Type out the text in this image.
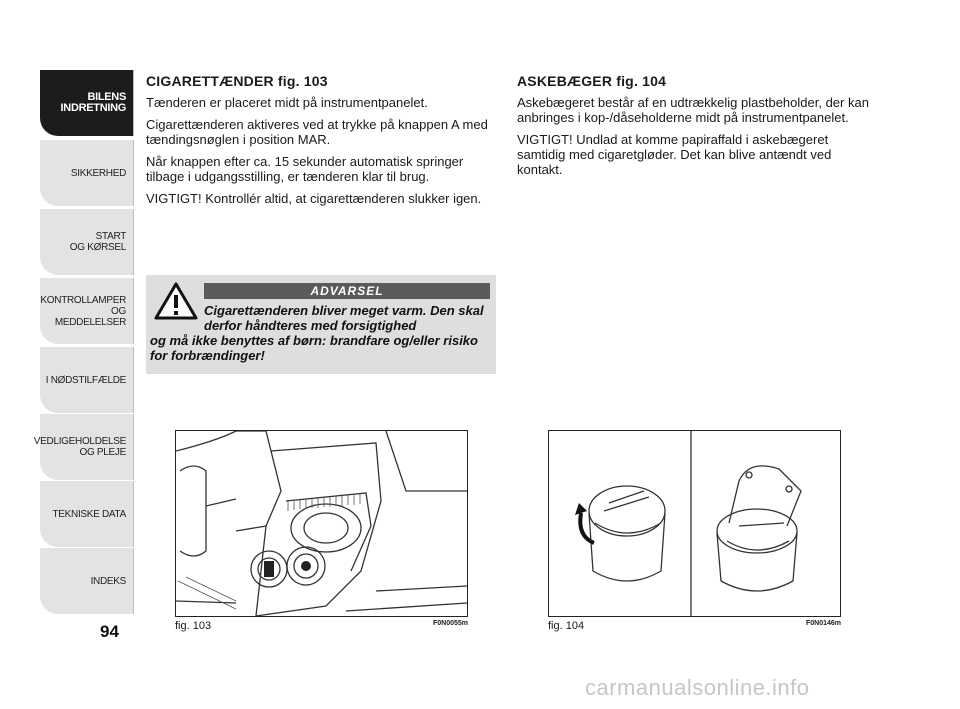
BILENS
INDRETNING
SIKKERHED
START
OG KØRSEL
KONTROLLAMPER
OG MEDDELELSER
I NØDSTILFÆLDE
VEDLIGEHOLDELSE
OG PLEJE
TEKNISKE DATA
INDEKS
94
CIGARETTÆNDER fig. 103

Tænderen er placeret midt på instrumentpanelet.

Cigarettænderen aktiveres ved at trykke på knappen A med tændingsnøglen i position MAR.

Når knappen efter ca. 15 sekunder automatisk springer tilbage i udgangsstilling, er tænderen klar til brug.

VIGTIGT! Kontrollér altid, at cigarettænderen slukker igen.

ADVARSEL
Cigarettænderen bliver meget varm. Den skal derfor håndteres med forsigtighed
og må ikke benyttes af børn: brandfare og/eller risiko for forbrændinger!
ASKEBÆGER fig. 104

Askebægeret består af en udtrækkelig plastbeholder, der kan anbringes i kop-/dåseholderne midt på instrumentpanelet.

VIGTIGT! Undlad at komme papiraffald i askebægeret samtidig med cigaretgløder. Det kan blive antændt ved kontakt.

fig. 103	F0N0055m	fig. 104	F0N0146m
carmanualsonline.info
